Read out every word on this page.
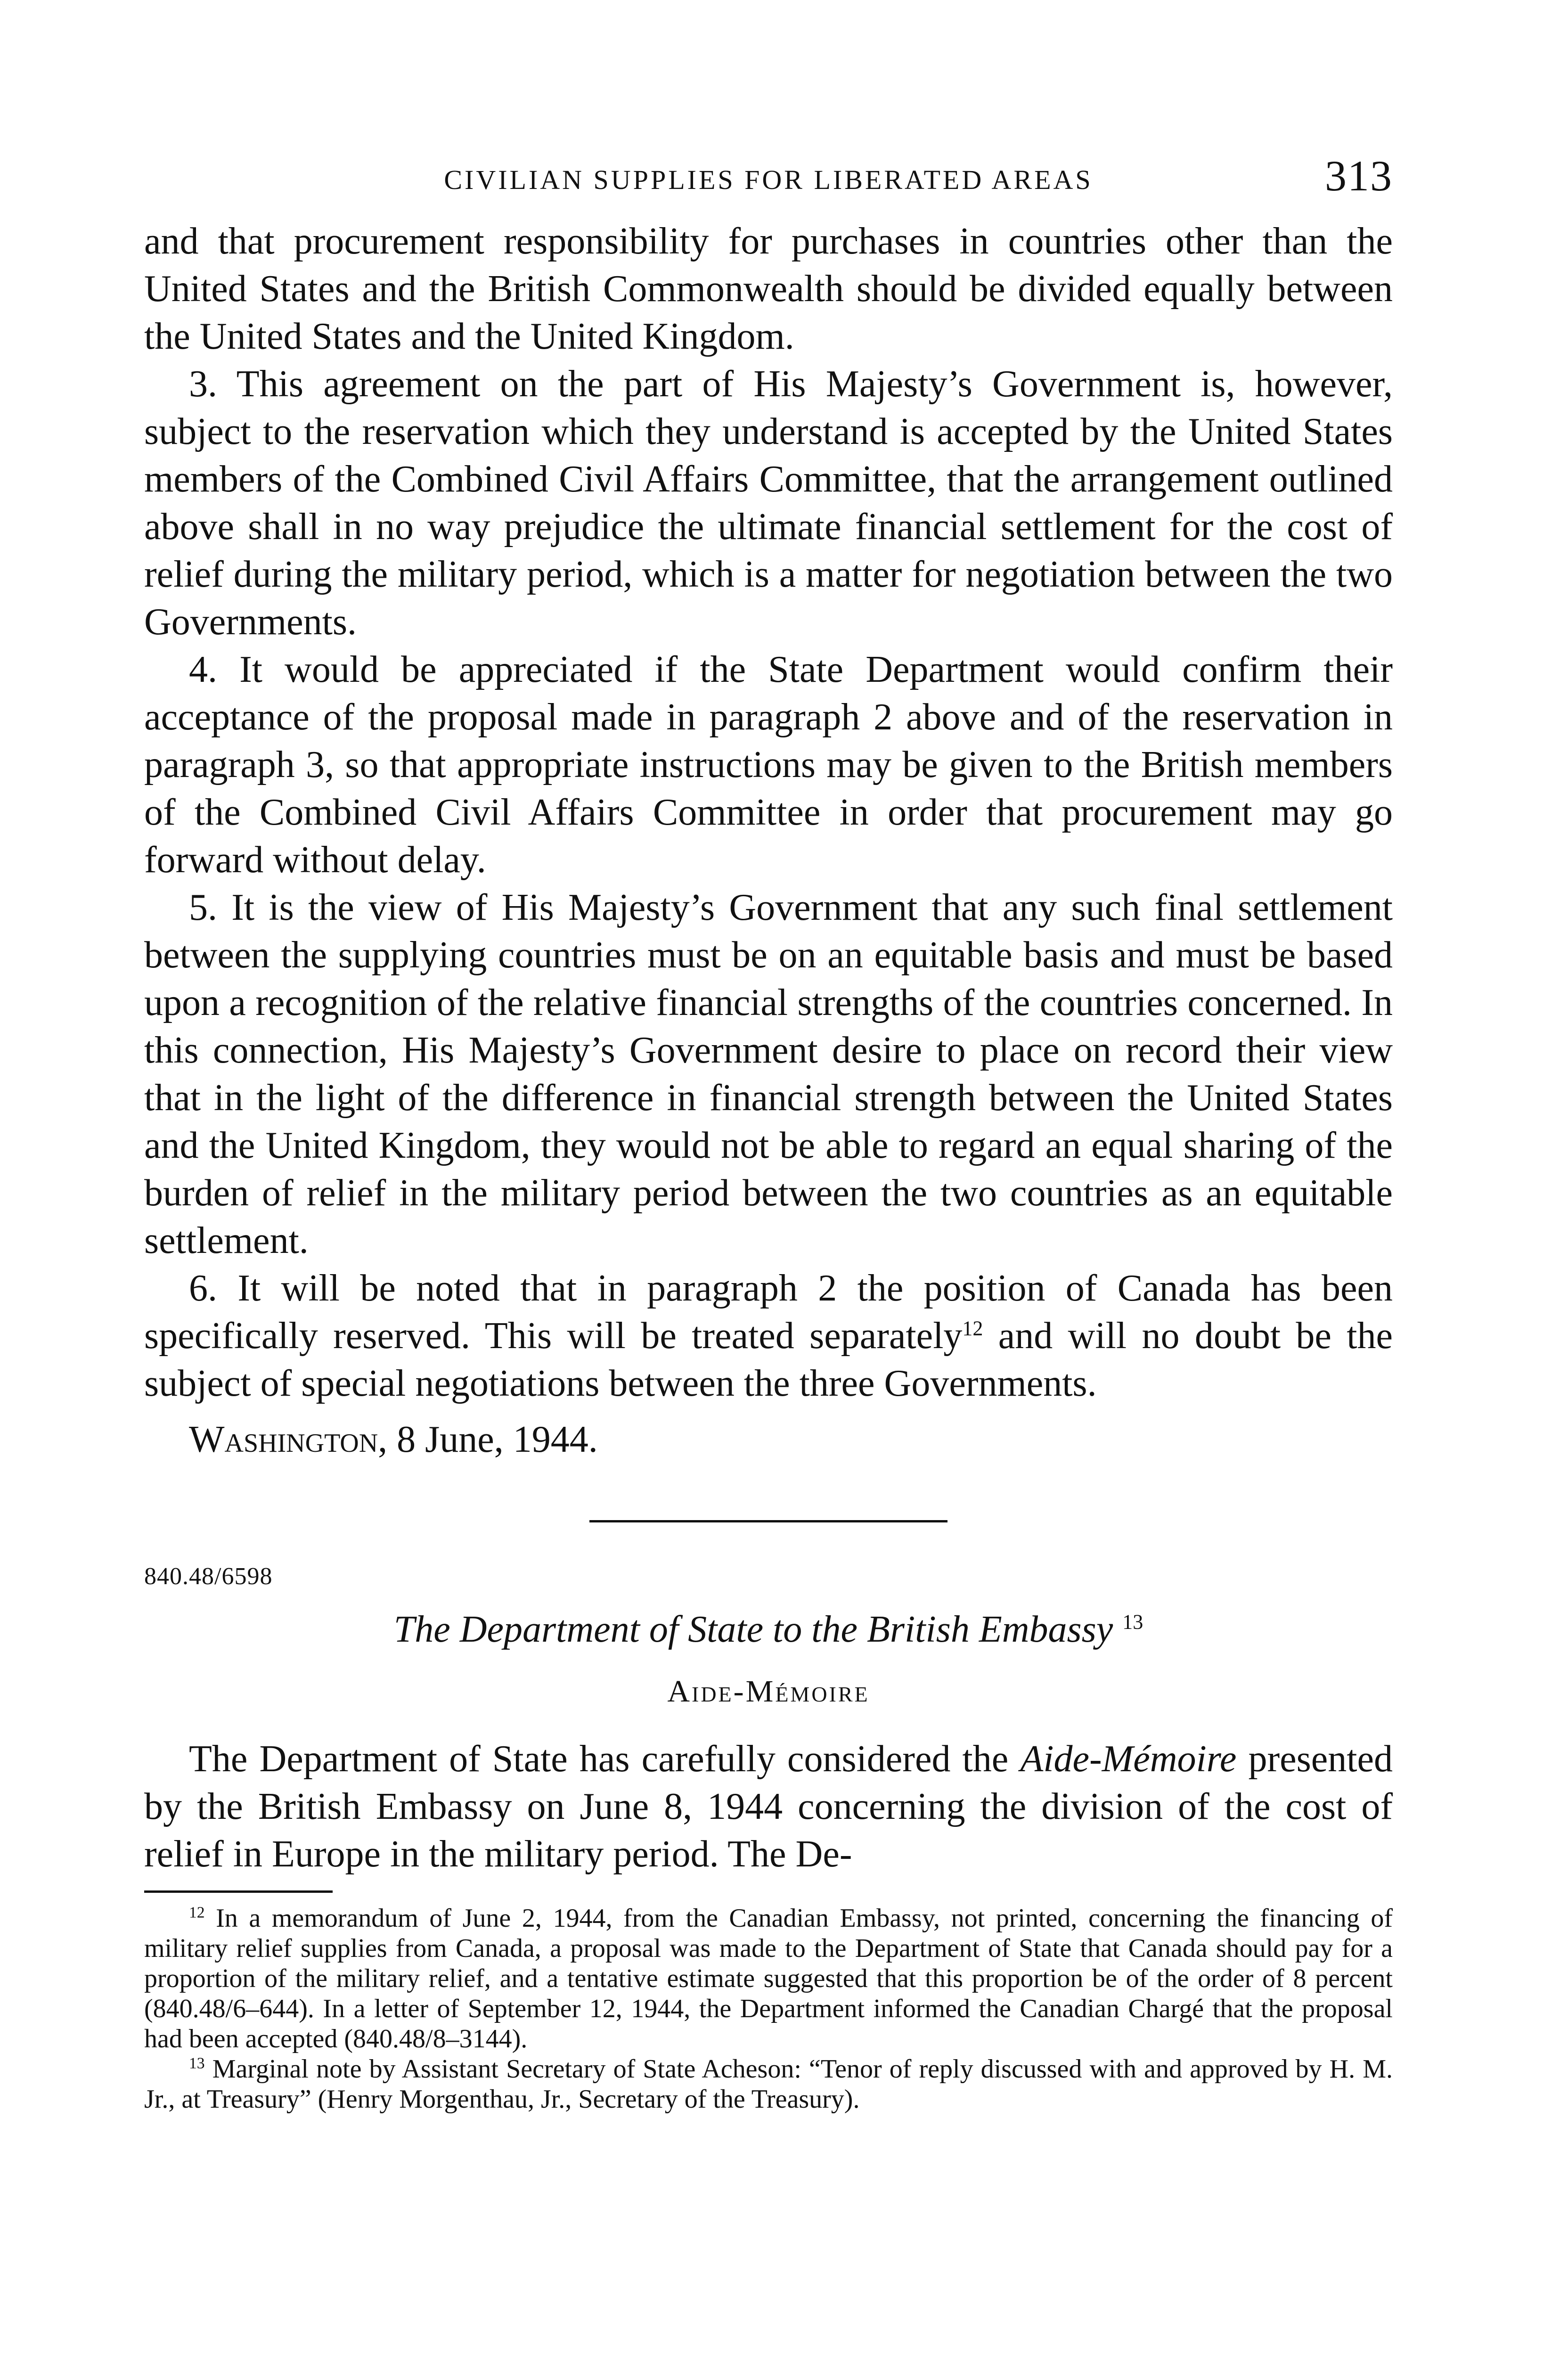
CIVILIAN SUPPLIES FOR LIBERATED AREAS	313

and that procurement responsibility for purchases in countries other than the United States and the British Commonwealth should be divided equally between the United States and the United Kingdom.

3. This agreement on the part of His Majesty’s Government is, however, subject to the reservation which they understand is accepted by the United States members of the Combined Civil Affairs Committee, that the arrangement outlined above shall in no way prejudice the ultimate financial settlement for the cost of relief during the military period, which is a matter for negotiation between the two Governments.

4. It would be appreciated if the State Department would confirm their acceptance of the proposal made in paragraph 2 above and of the reservation in paragraph 3, so that appropriate instructions may be given to the British members of the Combined Civil Affairs Committee in order that procurement may go forward without delay.

5. It is the view of His Majesty’s Government that any such final settlement between the supplying countries must be on an equitable basis and must be based upon a recognition of the relative financial strengths of the countries concerned. In this connection, His Majesty’s Government desire to place on record their view that in the light of the difference in financial strength between the United States and the United Kingdom, they would not be able to regard an equal sharing of the burden of relief in the military period between the two countries as an equitable settlement.

6. It will be noted that in paragraph 2 the position of Canada has been specifically reserved. This will be treated separately$^{12}$ and will no doubt be the subject of special negotiations between the three Governments.

Washington, 8 June, 1944.
840.48/6598
The Department of State to the British Embassy $^{13}$
Aide-Mémoire

The Department of State has carefully considered the Aide-Mémoire presented by the British Embassy on June 8, 1944 concerning the division of the cost of relief in Europe in the military period. The De-

$^{12}$ In a memorandum of June 2, 1944, from the Canadian Embassy, not printed, concerning the financing of military relief supplies from Canada, a proposal was made to the Department of State that Canada should pay for a proportion of the military relief, and a tentative estimate suggested that this proportion be of the order of 8 percent (840.48/6–644). In a letter of September 12, 1944, the Department informed the Canadian Chargé that the proposal had been accepted (840.48/8–3144).

$^{13}$ Marginal note by Assistant Secretary of State Acheson: “Tenor of reply discussed with and approved by H. M. Jr., at Treasury” (Henry Morgenthau, Jr., Secretary of the Treasury).
